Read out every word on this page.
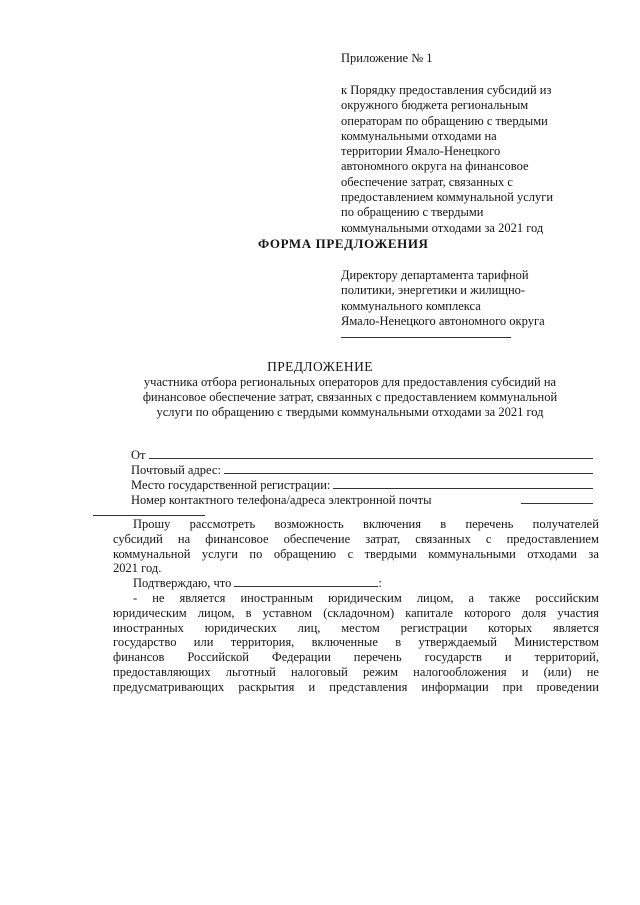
Приложение № 1
к Порядку предоставления субсидий из
окружного бюджета региональным
операторам по обращению с твердыми
коммунальными отходами на
территории Ямало-Ненецкого
автономного округа на финансовое
обеспечение затрат, связанных с
предоставлением коммунальной услуги
по обращению с твердыми
коммунальными отходами за 2021 год
ФОРМА ПРЕДЛОЖЕНИЯ
Директору департамента тарифной
политики, энергетики и жилищно-
коммунального комплекса
Ямало-Ненецкого автономного округа
ПРЕДЛОЖЕНИЕ
участника отбора региональных операторов для предоставления субсидий на
финансовое обеспечение затрат, связанных с предоставлением коммунальной
услуги по обращению с твердыми коммунальными отходами за 2021 год
От
Почтовый адрес:
Место государственной регистрации:
Номер контактного телефона/адреса электронной почты
Прошу рассмотреть возможность включения в перечень получателей
субсидий на финансовое обеспечение затрат, связанных с предоставлением
коммунальной услуги по обращению с твердыми коммунальными отходами за
2021 год.
Подтверждаю, что	:
- не является иностранным юридическим лицом, а также российским
юридическим лицом, в уставном (складочном) капитале которого доля участия
иностранных юридических лиц, местом регистрации которых является
государство или территория, включенные в утверждаемый Министерством
финансов Российской Федерации перечень государств и территорий,
предоставляющих льготный налоговый режим налогообложения и (или) не
предусматривающих раскрытия и представления информации при проведении
